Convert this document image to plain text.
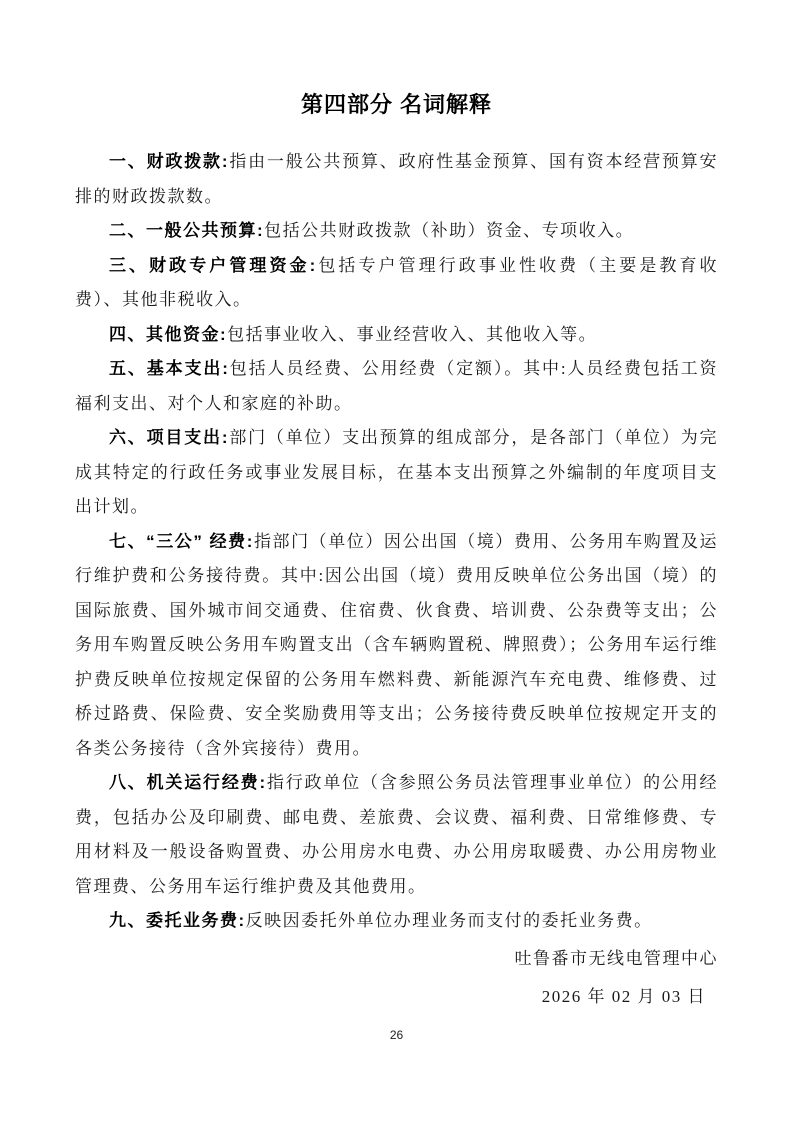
第四部分 名词解释

一、财政拨款:指由一般公共预算、政府性基金预算、国有资本经营预算安排的财政拨款数。

二、一般公共预算:包括公共财政拨款（补助）资金、专项收入。

三、财政专户管理资金:包括专户管理行政事业性收费（主要是教育收费）、其他非税收入。

四、其他资金:包括事业收入、事业经营收入、其他收入等。

五、基本支出:包括人员经费、公用经费（定额）。其中:人员经费包括工资福利支出、对个人和家庭的补助。

六、项目支出:部门（单位）支出预算的组成部分，是各部门（单位）为完成其特定的行政任务或事业发展目标，在基本支出预算之外编制的年度项目支出计划。

七、“三公” 经费:指部门（单位）因公出国（境）费用、公务用车购置及运行维护费和公务接待费。其中:因公出国（境）费用反映单位公务出国（境）的国际旅费、国外城市间交通费、住宿费、伙食费、培训费、公杂费等支出；公务用车购置反映公务用车购置支出（含车辆购置税、牌照费）；公务用车运行维护费反映单位按规定保留的公务用车燃料费、新能源汽车充电费、维修费、过桥过路费、保险费、安全奖励费用等支出；公务接待费反映单位按规定开支的各类公务接待（含外宾接待）费用。

八、机关运行经费:指行政单位（含参照公务员法管理事业单位）的公用经费，包括办公及印刷费、邮电费、差旅费、会议费、福利费、日常维修费、专用材料及一般设备购置费、办公用房水电费、办公用房取暖费、办公用房物业管理费、公务用车运行维护费及其他费用。

九、委托业务费:反映因委托外单位办理业务而支付的委托业务费。

吐鲁番市无线电管理中心
2026 年 02 月 03 日
26
